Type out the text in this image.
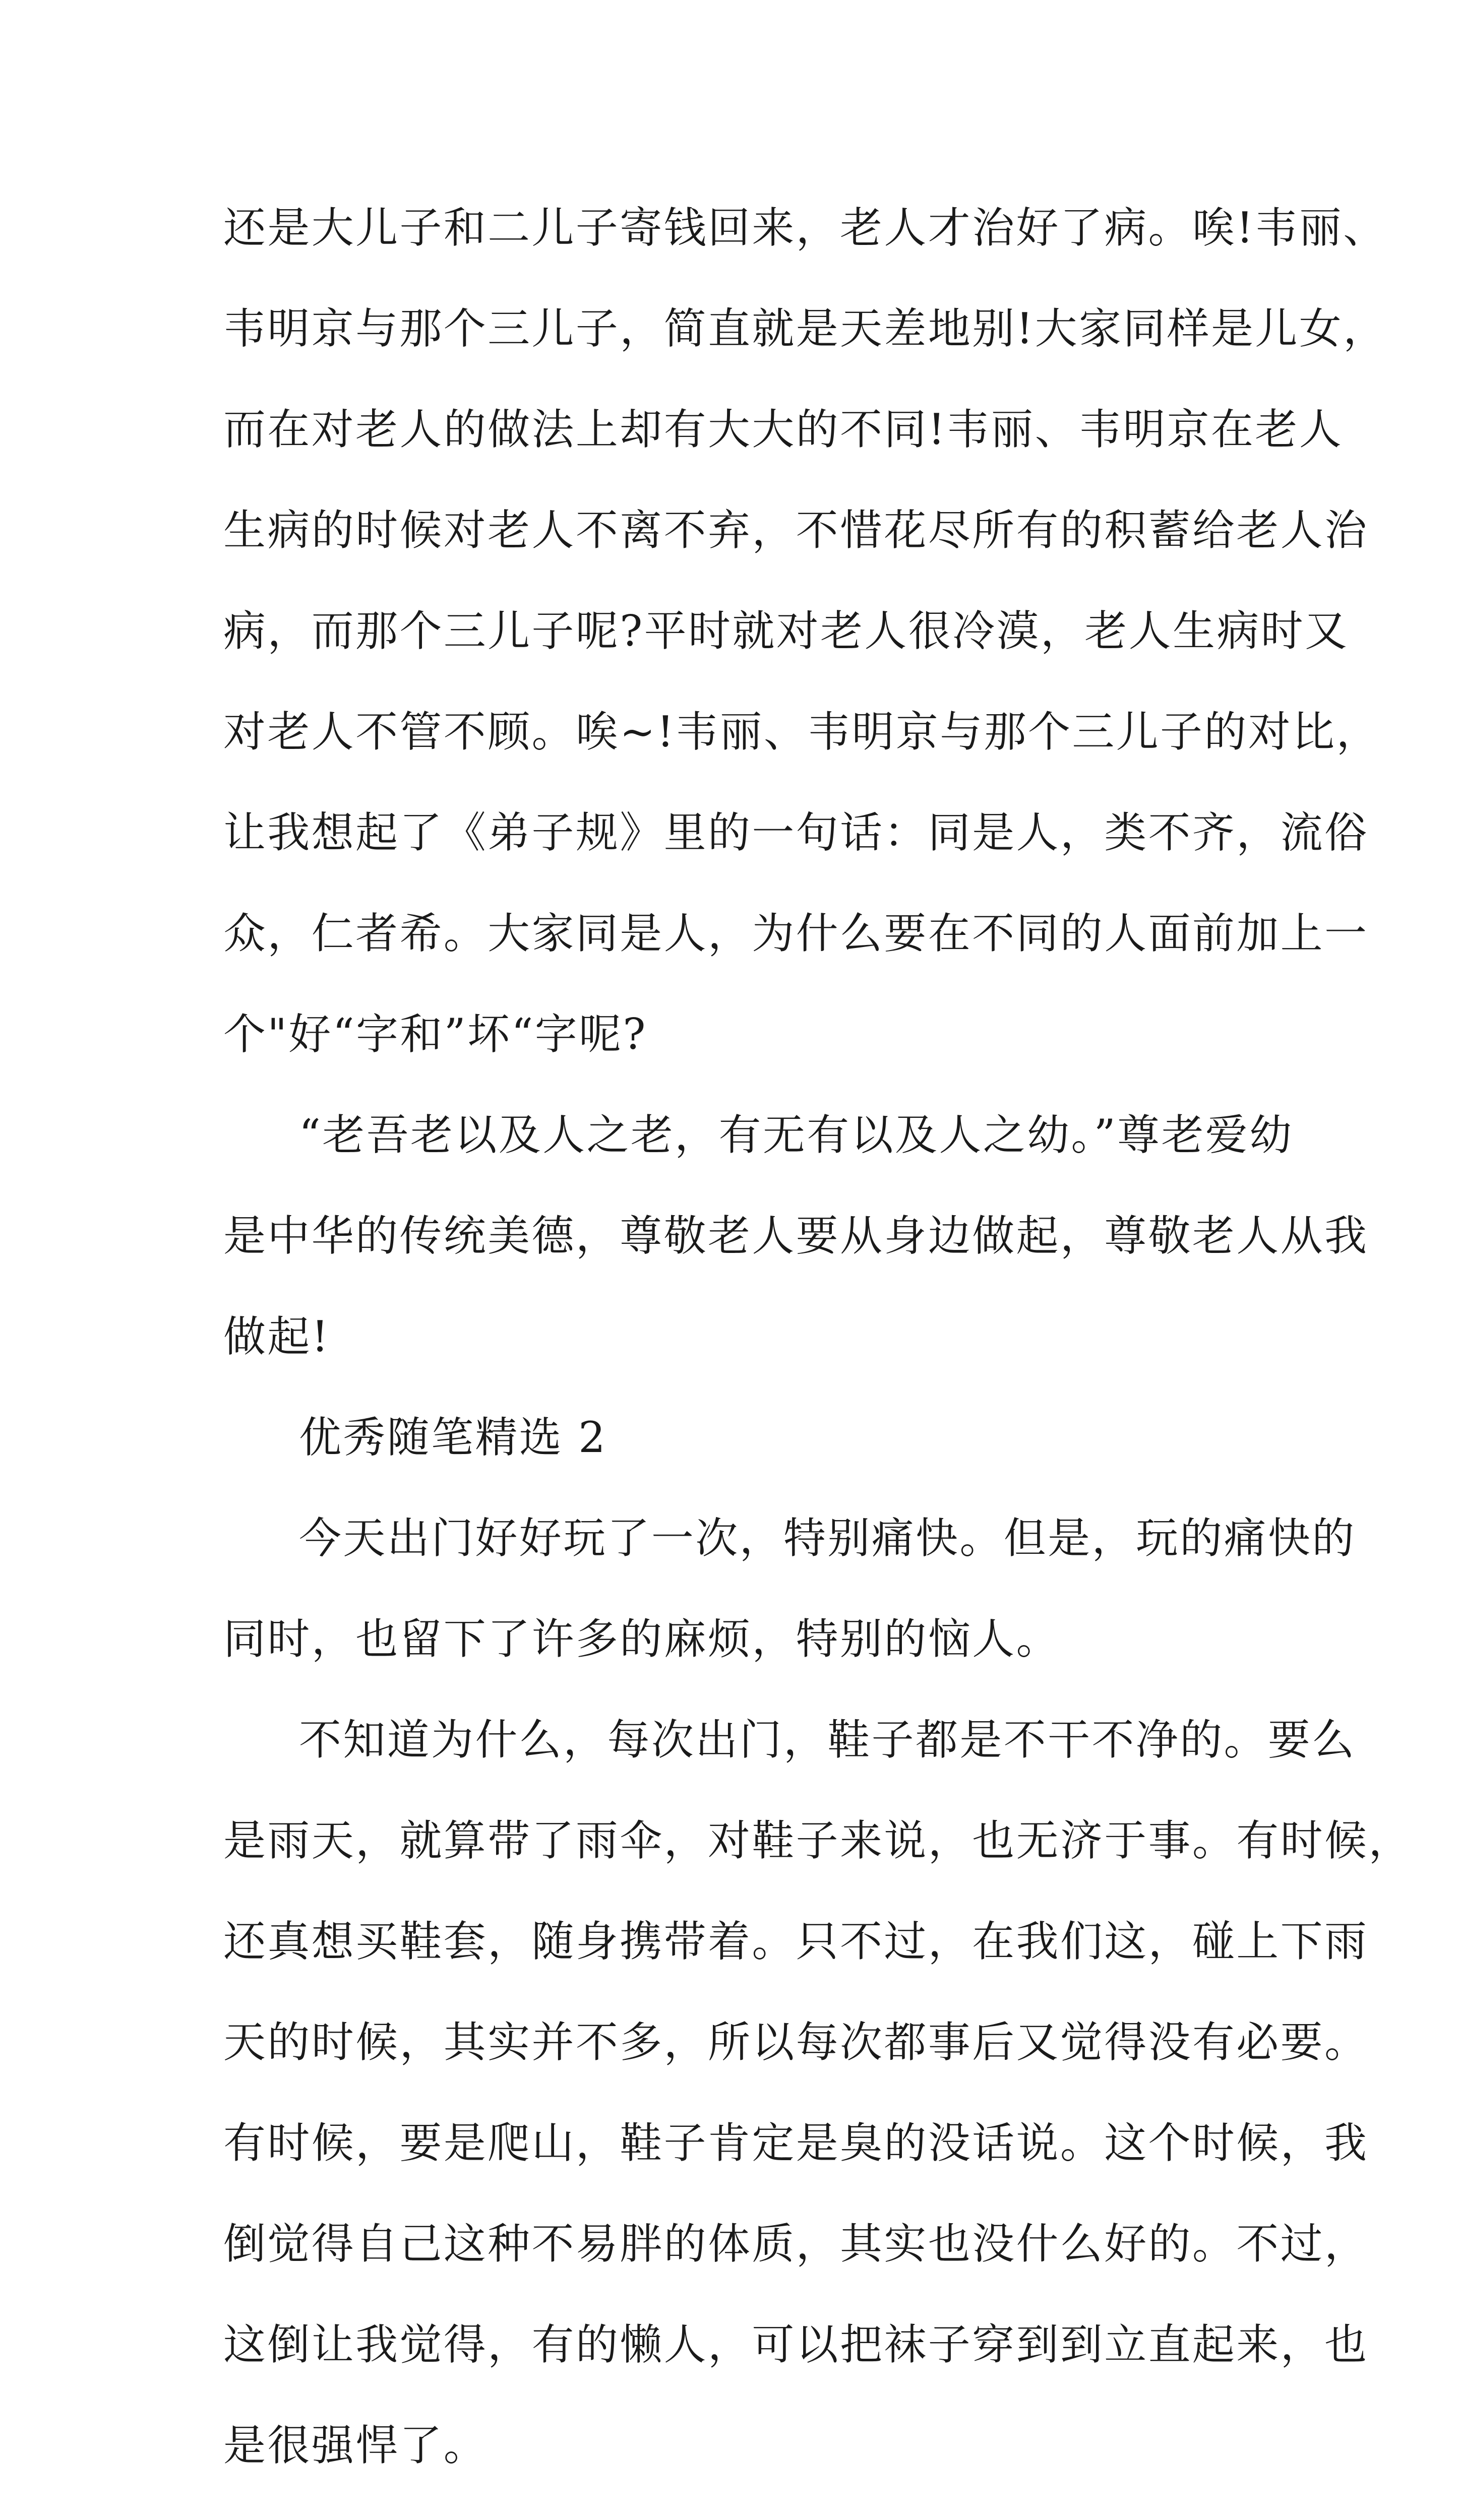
还是大儿子和二儿子寄钱回来，老人才治好了病。唉!韦丽、
韦明京与那个三儿子，简直就是天差地别!大家同样是儿女，
而在对老人的做法上却有大大的不同!韦丽、韦明京在老人
生病的时候对老人不离不弃，不惜花尽所有的积蓄给老人治
病，而那个三儿子呢?平时就对老人很冷漠，老人生病时又
对老人不管不顾。唉~!韦丽、韦明京与那个三儿子的对比，
让我想起了《弟子规》里的一句话：同是人，类不齐，流俗
众，仁者希。大家同是人，为什么要在不同的人面前加上一
个"好“字和”坏“字呢?
“老吾老以及人之老，有无有以及人之幼。”尊老爱幼
是中华的传统美德，尊敬老人要从身边做起，尊敬老人从我
做起!
优秀随笔精选 2
今天出门好好玩了一次，特别痛快。但是，玩的痛快的
同时，也留下了许多的麻烦，特别的恼人。
不知道为什么，每次出门，鞋子都是不干不净的。要么
是雨天，就算带了雨伞，对鞋子来说，也无济于事。有时候，
还真想买鞋套，随身携带着。只不过，在我们这，碰上下雨
天的时候，其实并不多，所以每次都事后又觉得没有必要。
有时候，要是爬山，鞋子肯定是臭的没话说。这个时候，我
倒觉得自己这种不易胖的体质，其实也没什么好的。不过，
这倒让我觉得，有的懒人，可以把袜子穿到到立直起来，也
是很强悍了。
